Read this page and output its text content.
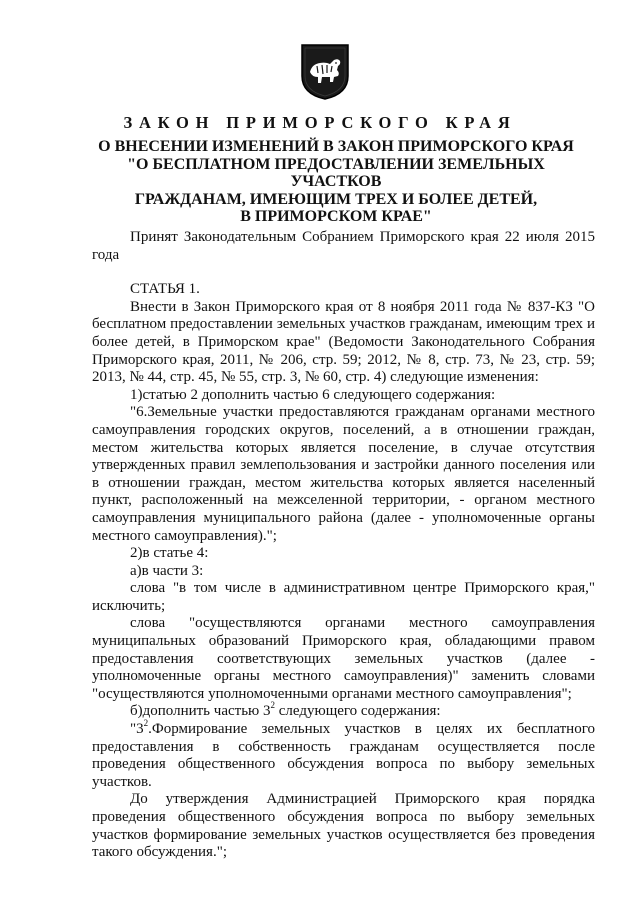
ЗАКОН ПРИМОРСКОГО КРАЯ
О ВНЕСЕНИИ ИЗМЕНЕНИЙ В ЗАКОН ПРИМОРСКОГО КРАЯ
"О БЕСПЛАТНОМ ПРЕДОСТАВЛЕНИИ ЗЕМЕЛЬНЫХ УЧАСТКОВ
ГРАЖДАНАМ, ИМЕЮЩИМ ТРЕХ И БОЛЕЕ ДЕТЕЙ,
В ПРИМОРСКОМ КРАЕ"

Принят Законодательным Собранием Приморского края 22 июля 2015 года

СТАТЬЯ 1.

Внести в Закон Приморского края от 8 ноября 2011 года № 837-КЗ "О бесплатном предоставлении земельных участков гражданам, имеющим трех и более детей, в Приморском крае" (Ведомости Законодательного Собрания Приморского края, 2011, № 206, стр. 59; 2012, № 8, стр. 73, № 23, стр. 59; 2013, № 44, стр. 45, № 55, стр. 3, № 60, стр. 4) следующие изменения:

1)статью 2 дополнить частью 6 следующего содержания:

"6.Земельные участки предоставляются гражданам органами местного самоуправления городских округов, поселений, а в отношении граждан, местом жительства которых является поселение, в случае отсутствия утвержденных правил землепользования и застройки данного поселения или в отношении граждан, местом жительства которых является населенный пункт, расположенный на межселенной территории, - органом местного самоуправления муниципального района (далее - уполномоченные органы местного самоуправления).";

2)в статье 4:

а)в части 3:

слова "в том числе в административном центре Приморского края," исключить;

слова "осуществляются органами местного самоуправления муниципальных образований Приморского края, обладающими правом предоставления соответствующих земельных участков (далее - уполномоченные органы местного самоуправления)" заменить словами "осуществляются уполномоченными органами местного самоуправления";

б)дополнить частью $3^2$ следующего содержания:

"$3^2.Формирование$ земельных участков в целях их бесплатного предоставления в собственность гражданам осуществляется после проведения общественного обсуждения вопроса по выбору земельных участков.

До утверждения Администрацией Приморского края порядка проведения общественного обсуждения вопроса по выбору земельных участков формирование земельных участков осуществляется без проведения такого обсуждения.";
